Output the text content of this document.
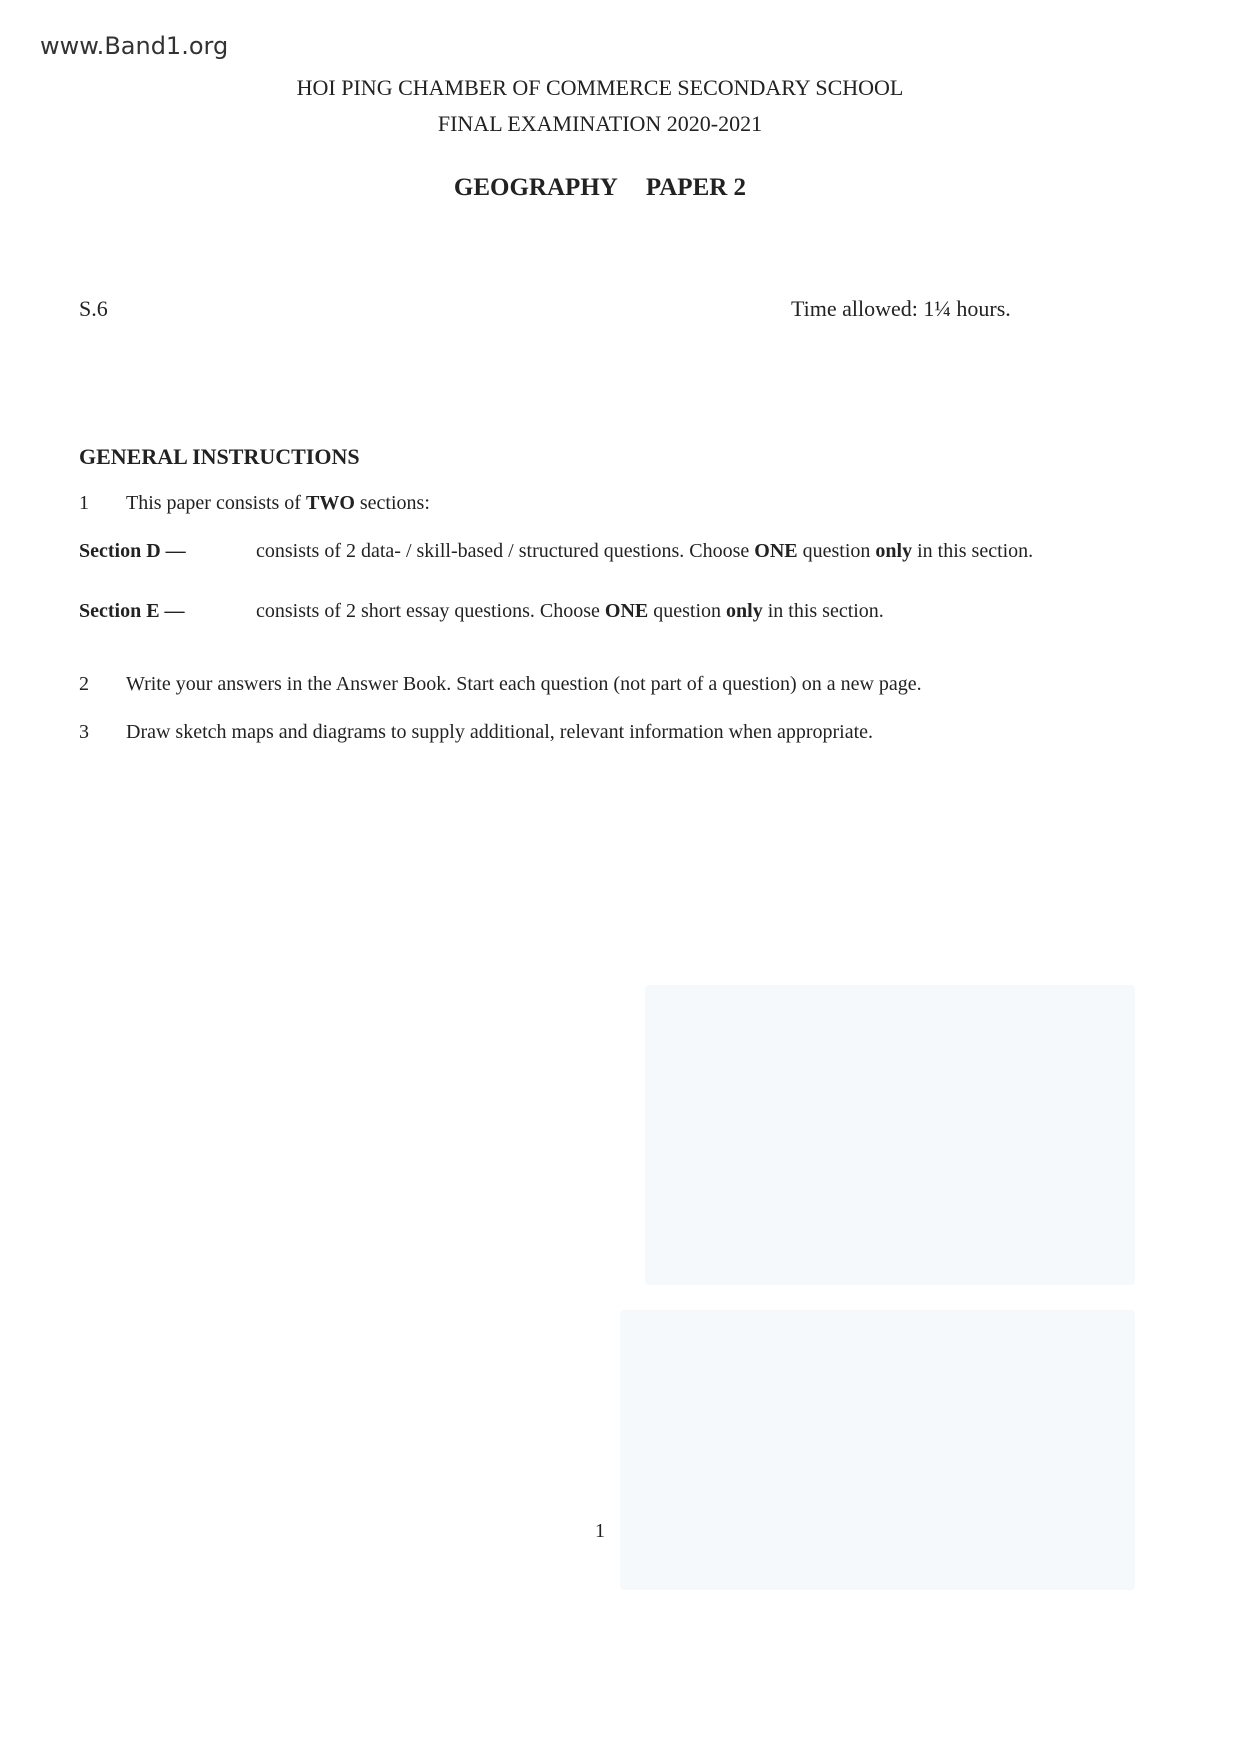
www.Band1.org
HOI PING CHAMBER OF COMMERCE SECONDARY SCHOOL
FINAL EXAMINATION 2020-2021
GEOGRAPHY PAPER 2
S.6	Time allowed: 1¼ hours.
GENERAL INSTRUCTIONS
1 This paper consists of TWO sections:
Section D —	consists of 2 data- / skill-based / structured questions. Choose ONE question only in this section.
Section E —	consists of 2 short essay questions. Choose ONE question only in this section.
2 Write your answers in the Answer Book. Start each question (not part of a question) on a new page.
3 Draw sketch maps and diagrams to supply additional, relevant information when appropriate.
1
